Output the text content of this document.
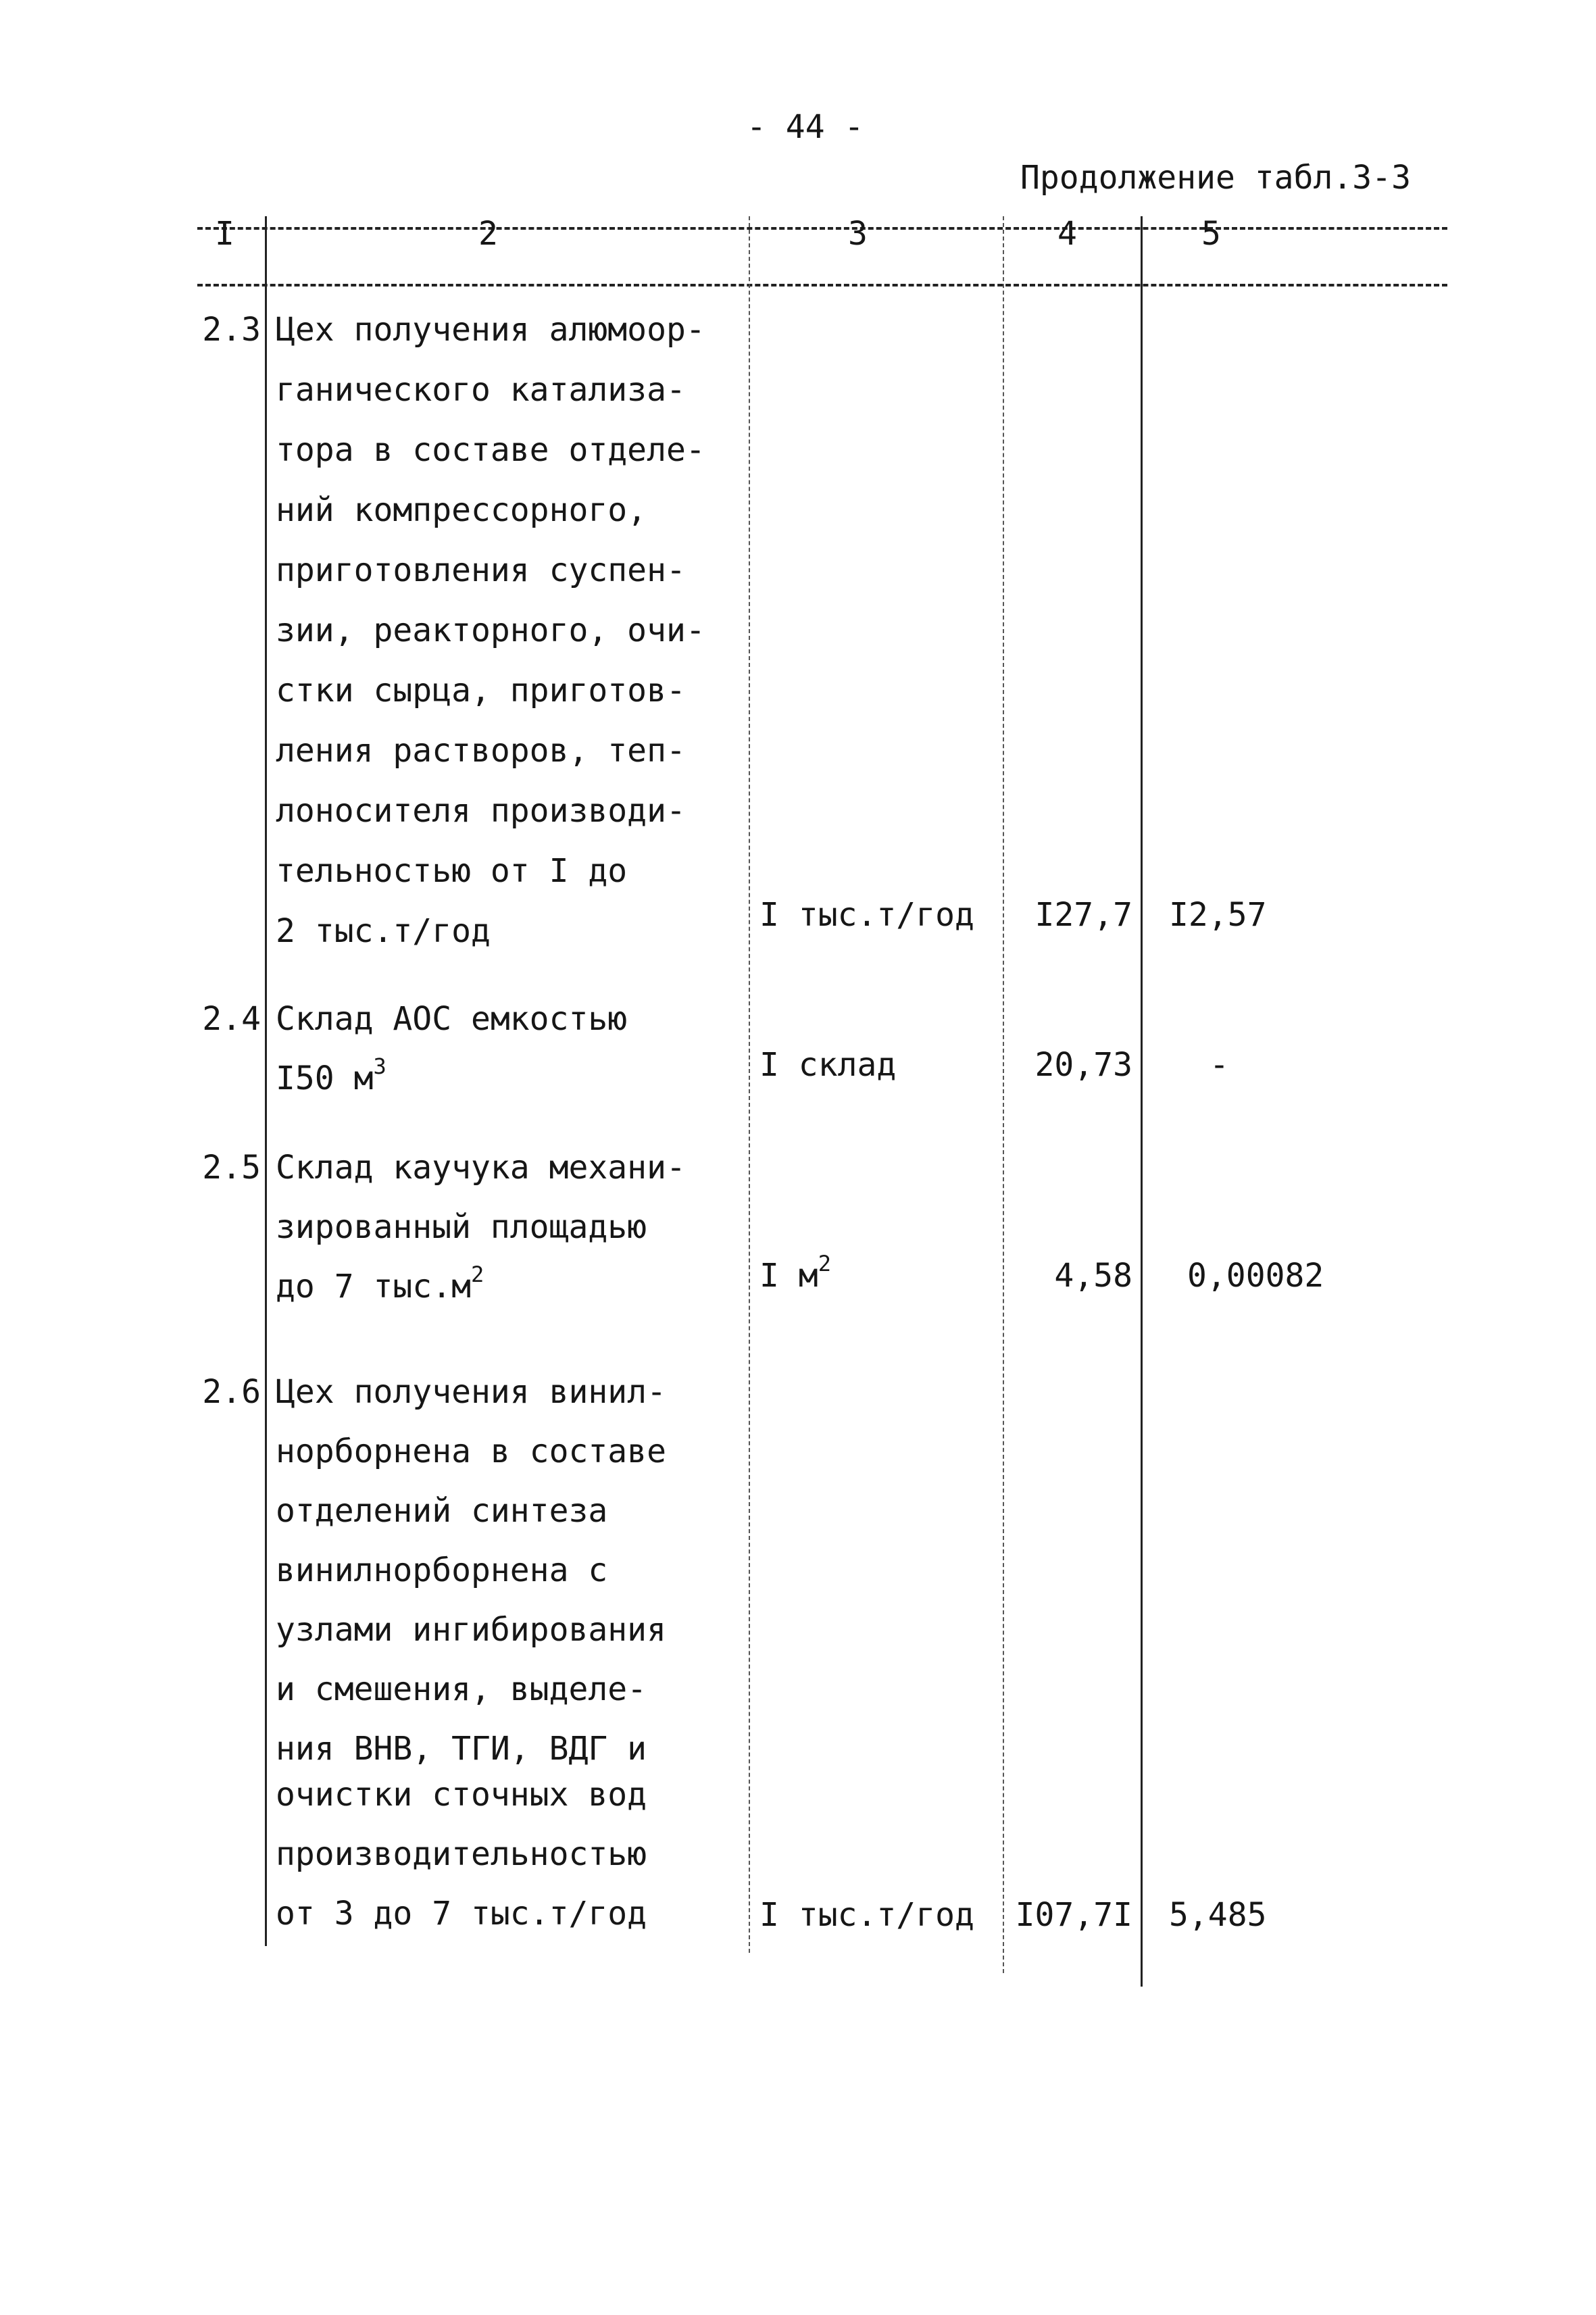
- 44 -
Продолжение табл.3-3
I	2	3	4	5
2.3 Цех получения алюмоор-
ганического катализа-
тора в составе отделе-
ний компрессорного,
приготовления суспен-
зии, реакторного, очи-
стки сырца, приготов-
ления растворов, теп-
лоносителя производи-
тельностью от I до
2 тыс.т/год	I тыс.т/год	I27,7 I2,57
2.4 Склад АОС емкостью
I50 $м^3$	I склад	20,73 -
2.5 Склад каучука механи-
зированный площадью
до 7 $тыс.м^2$	I $м^2$	4,58 0,00082
2.6 Цех получения винил-
норборнена в составе
отделений синтеза
винилнорборнена с
узлами ингибирования
и смешения, выделе-
ния ВНВ, ТГИ, ВДГ и
очистки сточных вод
производительностью
от 3 до 7 тыс.т/год	I тыс.т/год I07,7I 5,485
